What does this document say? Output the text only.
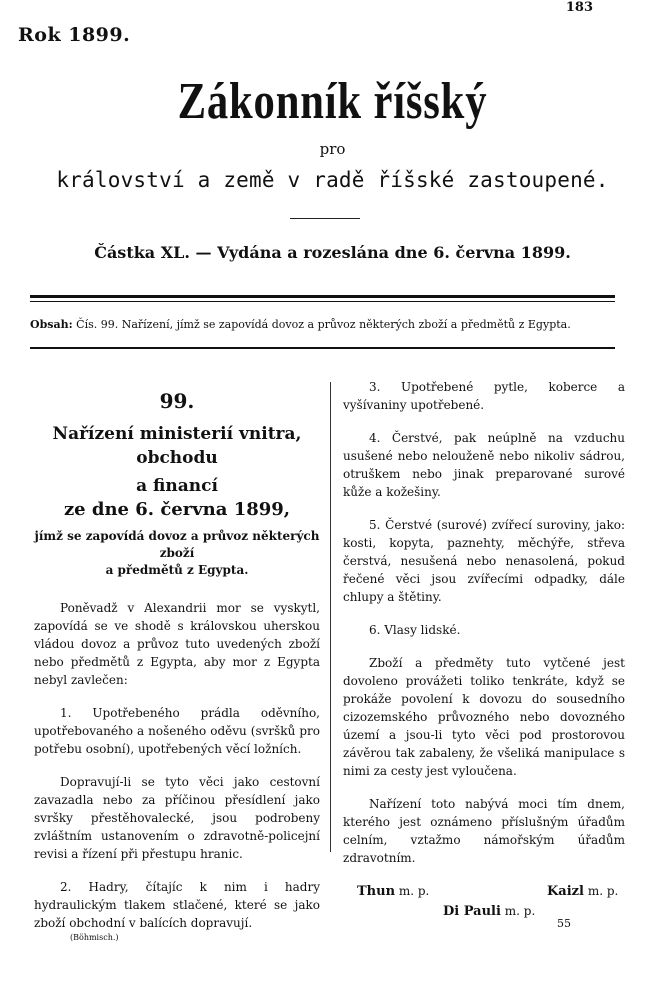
Rok 1899.
183
Zákonník říšský
pro
království a země v radě říšské zastoupené.
Částka XL. — Vydána a rozeslána dne 6. června 1899.
Obsah: Čís. 99. Nařízení, jímž se zapovídá dovoz a průvoz některých zboží a předmětů z Egypta.
99.
Nařízení ministerií vnitra, obchodu
a financí
ze dne 6. června 1899,
jímž se zapovídá dovoz a průvoz některých zboží
a předmětů z Egypta.

Poněvadž v Alexandrii mor se vyskytl, zapovídá se ve shodě s královskou uherskou vládou dovoz a průvoz tuto uvedených zboží nebo předmětů z Egypta, aby mor z Egypta nebyl zavlečen:

1. Upotřebeného prádla oděvního, upotřebovaného a nošeného oděvu (svršků pro potřebu osobní), upotřebených věcí ložních.

Dopravují-li se tyto věci jako cestovní zavazadla nebo za příčinou přesídlení jako svršky přestěhovalecké, jsou podrobeny zvláštním ustanovením o zdravotně-policejní revisi a řízení při přestupu hranic.

2. Hadry, čítajíc k nim i hadry hydraulickým tlakem stlačené, které se jako zboží obchodní v balících dopravují.

3. Upotřebené pytle, koberce a vyšívaniny upotřebené.

4. Čerstvé, pak neúplně na vzduchu usušené nebo nelouženě nebo nikoliv sádrou, otruškem nebo jinak preparované surové kůže a kožešiny.

5. Čerstvé (surové) zvířecí suroviny, jako: kosti, kopyta, paznehty, měchýře, střeva čerstvá, nesušená nebo nenasolená, pokud řečené věci jsou zvířecími odpadky, dále chlupy a štětiny.

6. Vlasy lidské.

Zboží a předměty tuto vytčené jest dovoleno provážeti toliko tenkráte, když se prokáže povolení k dovozu do sousedního cizozemského průvozného nebo dovozného území a jsou-li tyto věci pod prostorovou závěrou tak zabaleny, že všeliká manipulace s nimi za cesty jest vyloučena.

Nařízení toto nabývá moci tím dnem, kterého jest oznámeno příslušným úřadům celním, vztažmo námořským úřadům zdravotním.

Thun m. p.	Kaizl m. p.
Di Pauli m. p.
55
(Böhmisch.)
